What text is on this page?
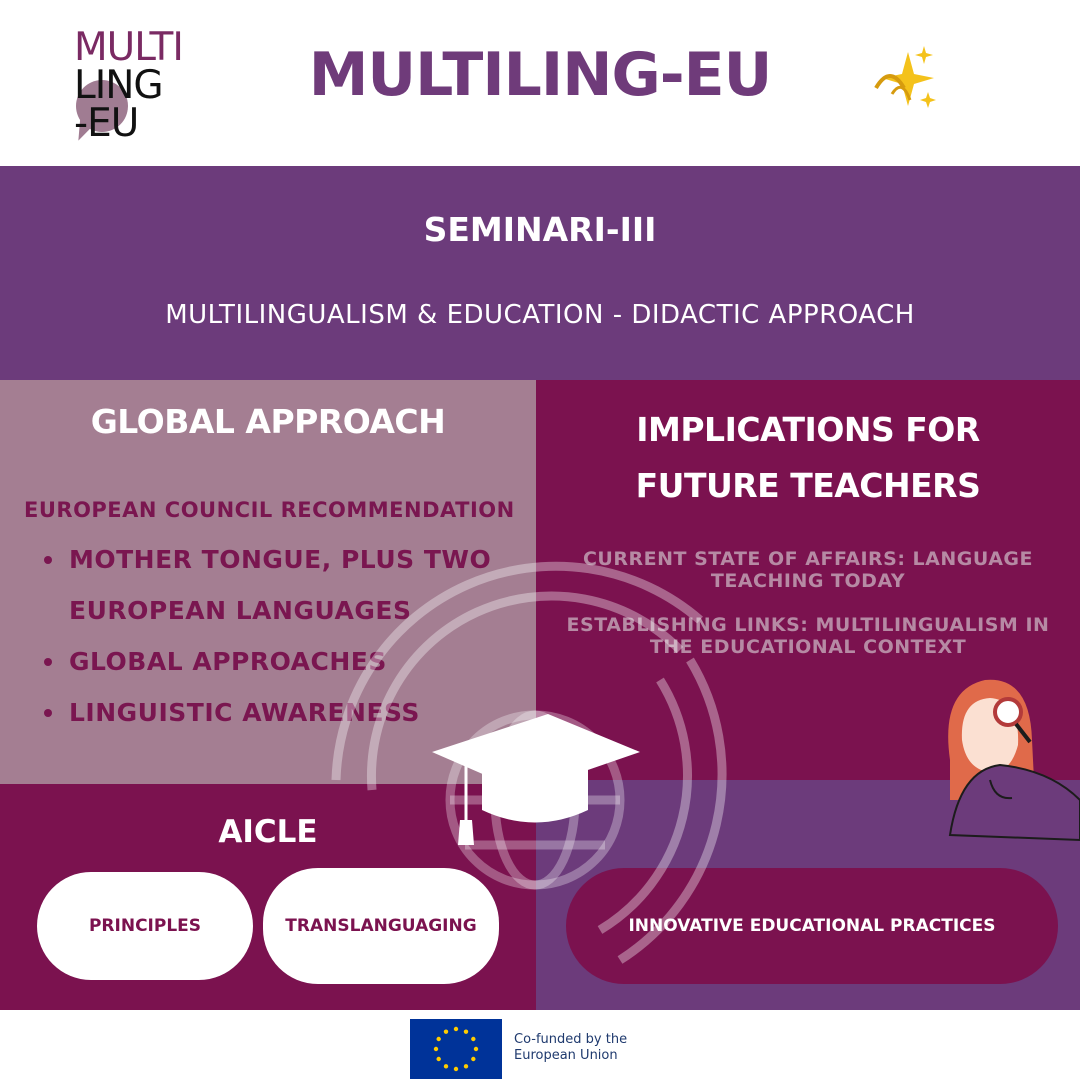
MULTI
LING
-EU
MULTILING-EU
SEMINARI-III
MULTILINGUALISM & EDUCATION - DIDACTIC APPROACH
GLOBAL APPROACH
EUROPEAN COUNCIL RECOMMENDATION
MOTHER TONGUE, PLUS TWO
EUROPEAN LANGUAGES
GLOBAL APPROACHES
LINGUISTIC AWARENESS
IMPLICATIONS FOR
FUTURE TEACHERS
CURRENT STATE OF AFFAIRS: LANGUAGE
TEACHING TODAY
ESTABLISHING LINKS: MULTILINGUALISM IN
THE EDUCATIONAL CONTEXT
AICLE
PRINCIPLES	TRANSLANGUAGING	INNOVATIVE EDUCATIONAL PRACTICES
Co-funded by the
European Union
